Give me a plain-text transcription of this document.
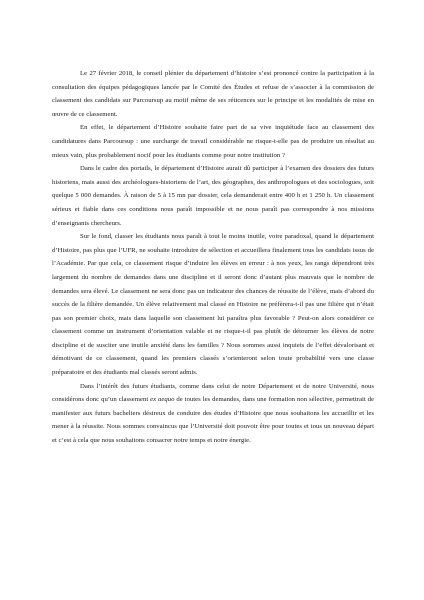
Le 27 février 2018, le conseil plénier du département d’histoire s’est prononcé contre la participation à la consultation des équipes pédagogiques lancée par le Comité des Études et refuse de s’associer à la commission de classement des candidats sur Parcoursup au motif même de ses réticences sur le principe et les modalités de mise en œuvre de ce classement.

En effet, le département d’Histoire souhaite faire part de sa vive inquiétude face au classement des candidatures dans Parcoursup : une surcharge de travail considérable ne risque-t-elle pas de produire un résultat au mieux vain, plus probablement nocif pour les étudiants comme pour notre institution ?

Dans le cadre des portails, le département d’Histoire aurait dû participer à l’examen des dossiers des futurs historiens, mais aussi des archéologues-historiens de l’art, des géographes, des anthropologues et des sociologues, soit quelque 5 000 demandes. À raison de 5 à 15 mn par dossier, cela demanderait entre 400 h et 1 250 h. Un classement sérieux et fiable dans ces conditions nous paraît impossible et ne nous paraît pas correspondre à nos missions d’enseignants chercheurs.

Sur le fond, classer les étudiants nous paraît à tout le moins inutile, voire paradoxal, quand le département d’Histoire, pas plus que l’UFR, ne souhaite introduire de sélection et accueillera finalement tous les candidats issus de l’Académie. Par que cela, ce classement risque d’induire les élèves en erreur : à nos yeux, les rangs dépendront très largement du nombre de demandes dans une discipline et il seront donc d’autant plus mauvais que le nombre de demandes sera élevé. Le classement ne sera donc pas un indicateur des chances de réussite de l’élève, mais d’abord du succès de la filière demandée. Un élève relativement mal classé en Histoire ne préfèrera-t-il pas une filière qui n’était pas son premier choix, mais dans laquelle son classement lui paraîtra plus favorable ? Peut-on alors considérer ce classement comme un instrument d’orientation valable et ne risque-t-il pas plutôt de détourner les élèves de notre discipline et de susciter une inutile anxiété dans les familles ? Nous sommes aussi inquiets de l’effet dévalorisant et démotivant de ce classement, quand les premiers classés s’orienteront selon toute probabilité vers une classe préparatoire et des étudiants mal classés seront admis.

Dans l’intérêt des futurs étudiants, comme dans celui de notre Département et de notre Université, nous considérons donc qu’un classement ex aequo de toutes les demandes, dans une formation non sélective, permettrait de manifester aux futurs bacheliers désireux de conduire des études d’Histoire que nous souhaitons les accueillir et les mener à la réussite. Nous sommes convaincus que l’Université doit pouvoir être pour toutes et tous un nouveau départ et c’est à cela que nous souhaitons consacrer notre temps et notre énergie.
